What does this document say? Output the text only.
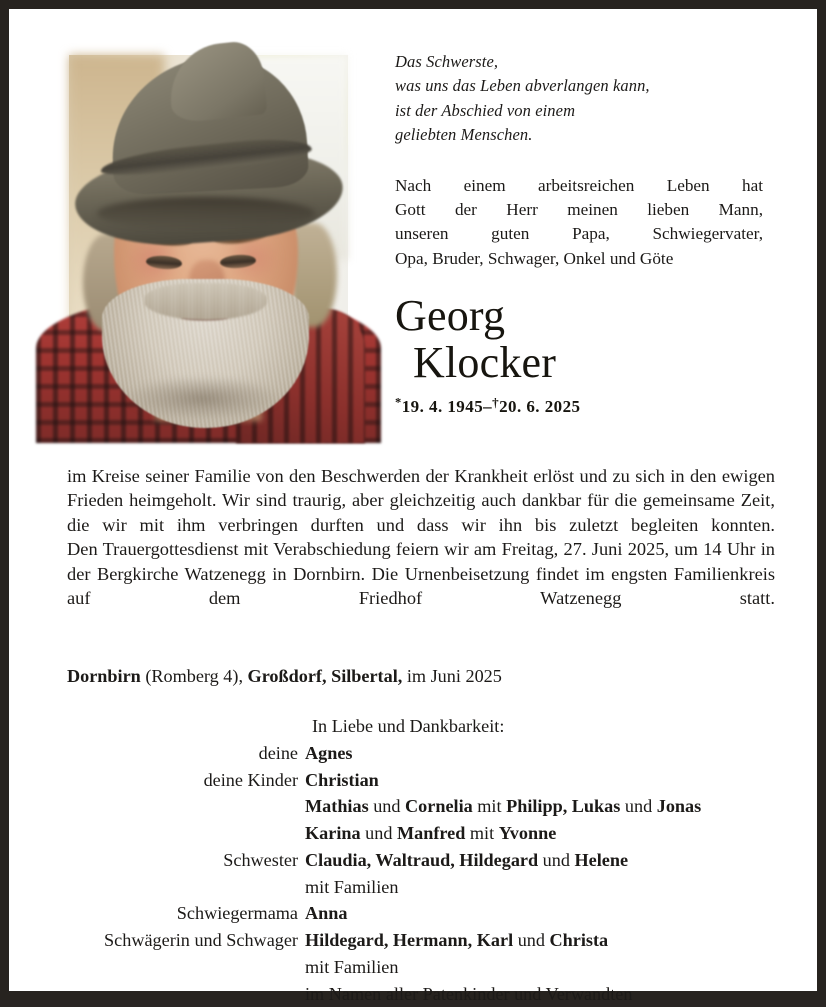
Das Schwerste,
was uns das Leben abverlangen kann,
ist der Abschied von einem
geliebten Menschen.
Nach einem arbeitsreichen Leben hat
Gott der Herr meinen lieben Mann,
unseren guten Papa, Schwiegervater,
Opa, Bruder, Schwager, Onkel und Göte
Georg
Klocker
*19. 4. 1945–†20. 6. 2025
im Kreise seiner Familie von den Beschwerden der Krankheit erlöst und zu sich in den ewigen Frieden heimgeholt. Wir sind traurig, aber gleichzeitig auch dankbar für die gemeinsame Zeit, die wir mit ihm verbringen durften und dass wir ihn bis zuletzt begleiten konnten.
Den Trauergottesdienst mit Verabschiedung feiern wir am Freitag, 27. Juni 2025, um 14 Uhr in der Bergkirche Watzenegg in Dornbirn. Die Urnenbeisetzung findet im engsten Familienkreis auf dem Friedhof Watzenegg statt.
Dornbirn (Romberg 4), Großdorf, Silbertal, im Juni 2025
In Liebe und Dankbarkeit:
deine Agnes
deine Kinder Christian
Mathias und Cornelia mit Philipp, Lukas und Jonas
Karina und Manfred mit Yvonne
Schwester Claudia, Waltraud, Hildegard und Helene
mit Familien
Schwiegermama Anna
Schwägerin und Schwager Hildegard, Hermann, Karl und Christa
mit Familien
im Namen aller Patenkinder und Verwandten
